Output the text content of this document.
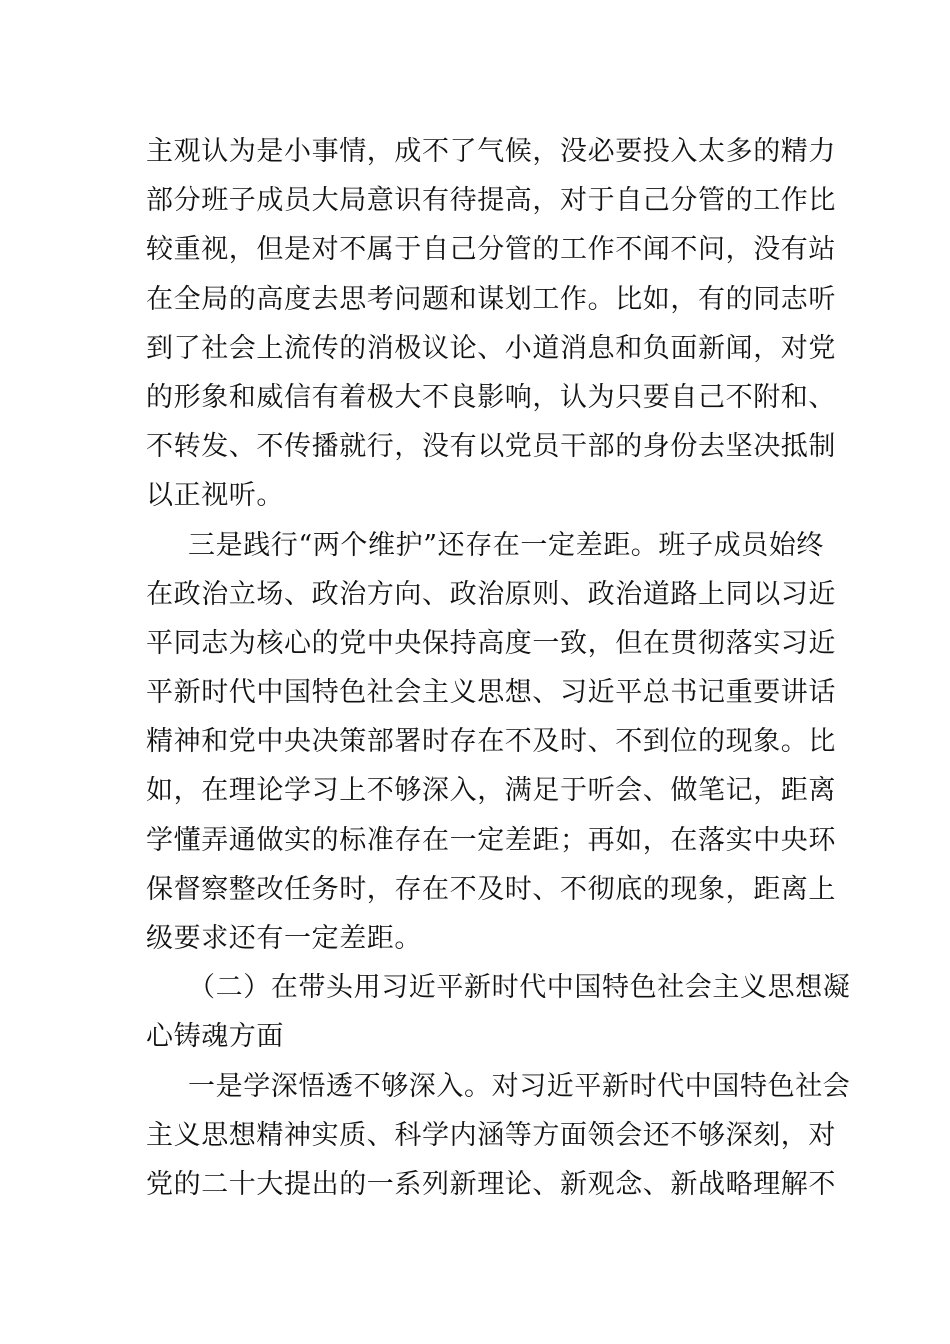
主观认为是小事情，成不了气候，没必要投入太多的精力
部分班子成员大局意识有待提高，对于自己分管的工作比
较重视，但是对不属于自己分管的工作不闻不问，没有站
在全局的高度去思考问题和谋划工作。比如，有的同志听
到了社会上流传的消极议论、小道消息和负面新闻，对党
的形象和威信有着极大不良影响，认为只要自己不附和、
不转发、不传播就行，没有以党员干部的身份去坚决抵制
以正视听。
三是践行“两个维护”还存在一定差距。班子成员始终
在政治立场、政治方向、政治原则、政治道路上同以习近
平同志为核心的党中央保持高度一致，但在贯彻落实习近
平新时代中国特色社会主义思想、习近平总书记重要讲话
精神和党中央决策部署时存在不及时、不到位的现象。比
如，在理论学习上不够深入，满足于听会、做笔记，距离
学懂弄通做实的标准存在一定差距；再如，在落实中央环
保督察整改任务时，存在不及时、不彻底的现象，距离上
级要求还有一定差距。
（二）在带头用习近平新时代中国特色社会主义思想凝
心铸魂方面
一是学深悟透不够深入。对习近平新时代中国特色社会
主义思想精神实质、科学内涵等方面领会还不够深刻，对
党的二十大提出的一系列新理论、新观念、新战略理解不
